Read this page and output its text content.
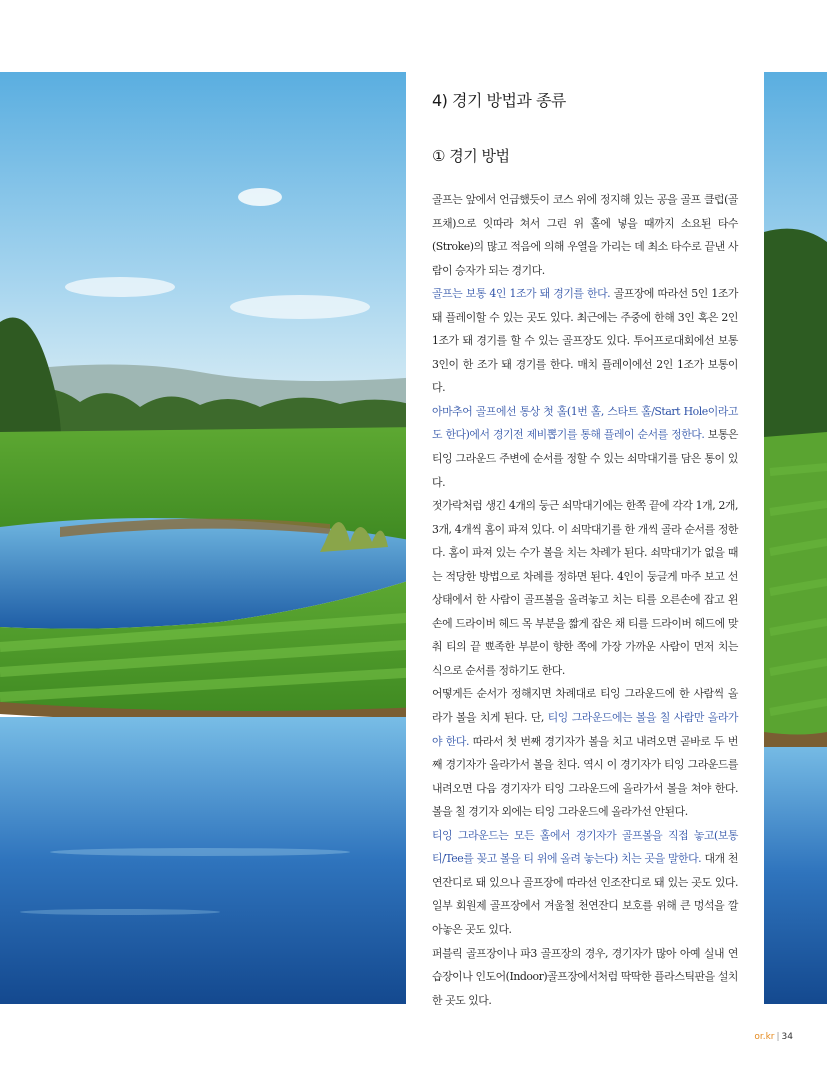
4) 경기 방법과 종류
① 경기 방법

골프는 앞에서 언급했듯이 코스 위에 정지해 있는 공을 골프 클럽(골프채)으로 잇따라 쳐서 그린 위 홀에 넣을 때까지 소요된 타수(Stroke)의 많고 적음에 의해 우열을 가리는 데 최소 타수로 끝낸 사람이 승자가 되는 경기다.

골프는 보통 4인 1조가 돼 경기를 한다. 골프장에 따라선 5인 1조가 돼 플레이할 수 있는 곳도 있다. 최근에는 주중에 한해 3인 혹은 2인 1조가 돼 경기를 할 수 있는 골프장도 있다. 투어프로대회에선 보통 3인이 한 조가 돼 경기를 한다. 매치 플레이에선 2인 1조가 보통이다.

아마추어 골프에선 통상 첫 홀(1번 홀, 스타트 홀/Start Hole이라고도 한다)에서 경기전 제비뽑기를 통해 플레이 순서를 정한다. 보통은 티잉 그라운드 주변에 순서를 정할 수 있는 쇠막대기를 담은 통이 있다.

젓가락처럼 생긴 4개의 둥근 쇠막대기에는 한쪽 끝에 각각 1개, 2개, 3개, 4개씩 홈이 파져 있다. 이 쇠막대기를 한 개씩 골라 순서를 정한다. 홈이 파져 있는 수가 볼을 치는 차례가 된다. 쇠막대기가 없을 때는 적당한 방법으로 차례를 정하면 된다. 4인이 둥글게 마주 보고 선 상태에서 한 사람이 골프볼을 올려놓고 치는 티를 오른손에 잡고 왼손에 드라이버 헤드 목 부분을 짧게 잡은 채 티를 드라이버 헤드에 맞춰 티의 끝 뾰족한 부분이 향한 쪽에 가장 가까운 사람이 먼저 치는 식으로 순서를 정하기도 한다.

어떻게든 순서가 정해지면 차례대로 티잉 그라운드에 한 사람씩 올라가 볼을 치게 된다. 단, 티잉 그라운드에는 볼을 칠 사람만 올라가야 한다. 따라서 첫 번째 경기자가 볼을 치고 내려오면 곧바로 두 번째 경기자가 올라가서 볼을 친다. 역시 이 경기자가 티잉 그라운드를 내려오면 다음 경기자가 티잉 그라운드에 올라가서 볼을 쳐야 한다. 볼을 칠 경기자 외에는 티잉 그라운드에 올라가선 안된다.

티잉 그라운드는 모든 홀에서 경기자가 골프볼을 직접 놓고(보통 티/Tee를 꽂고 볼을 티 위에 올려 놓는다) 치는 곳을 말한다. 대개 천연잔디로 돼 있으나 골프장에 따라선 인조잔디로 돼 있는 곳도 있다. 일부 회원제 골프장에서 겨울철 천연잔디 보호를 위해 큰 멍석을 깔아놓은 곳도 있다.

퍼블릭 골프장이나 파3 골프장의 경우, 경기자가 많아 아예 실내 연습장이나 인도어(Indoor)골프장에서처럼 딱딱한 플라스틱판을 설치한 곳도 있다.

or.kr | 34
